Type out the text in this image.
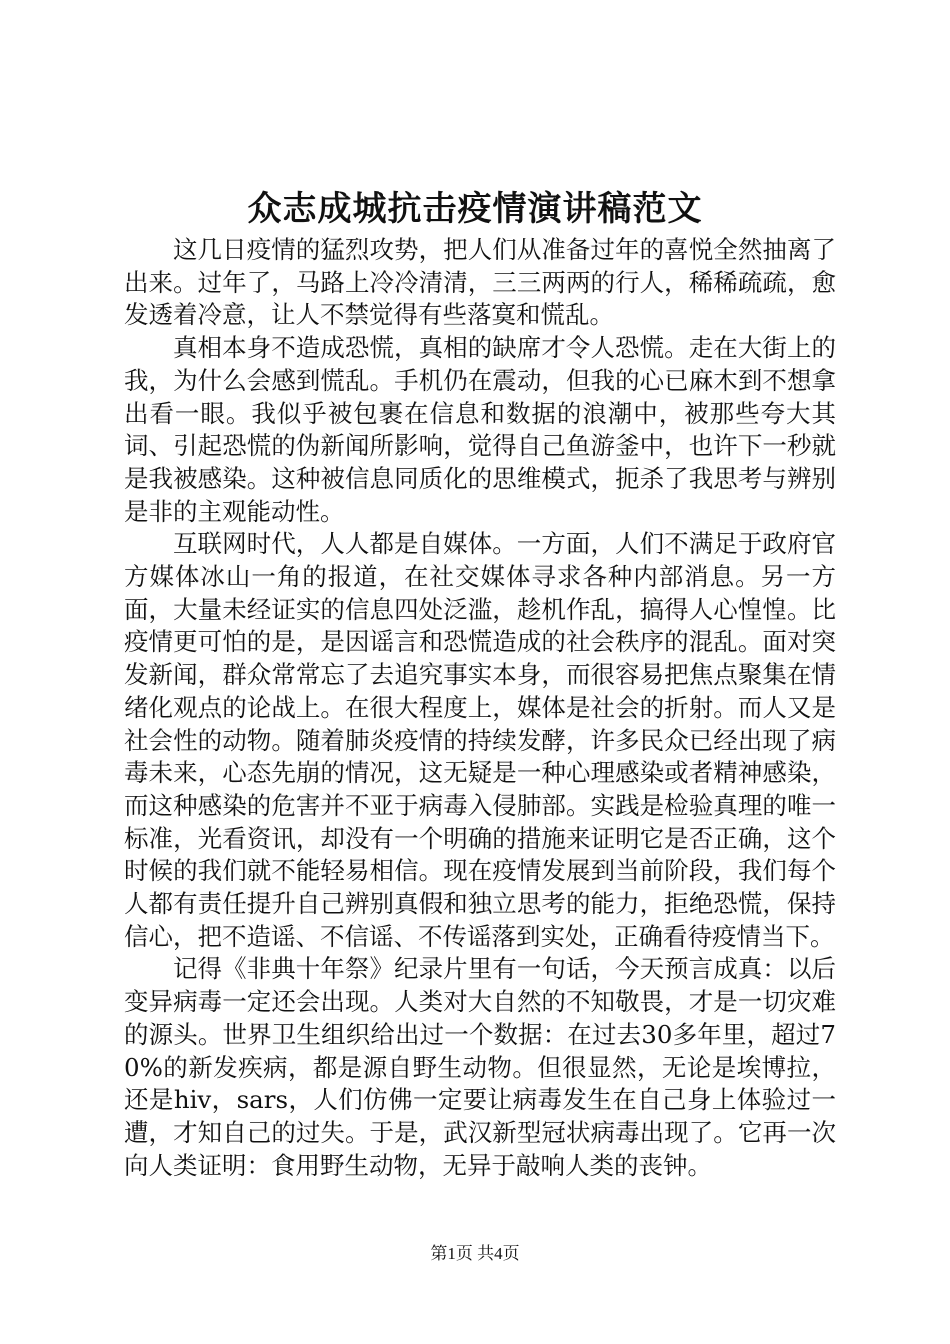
众志成城抗击疫情演讲稿范文

这几日疫情的猛烈攻势，把人们从准备过年的喜悦全然抽离了出来。过年了，马路上冷冷清清，三三两两的行人，稀稀疏疏，愈发透着冷意，让人不禁觉得有些落寞和慌乱。

真相本身不造成恐慌，真相的缺席才令人恐慌。走在大街上的我，为什么会感到慌乱。手机仍在震动，但我的心已麻木到不想拿出看一眼。我似乎被包裹在信息和数据的浪潮中，被那些夸大其词、引起恐慌的伪新闻所影响，觉得自己鱼游釜中，也许下一秒就是我被感染。这种被信息同质化的思维模式，扼杀了我思考与辨别是非的主观能动性。

互联网时代，人人都是自媒体。一方面，人们不满足于政府官方媒体冰山一角的报道，在社交媒体寻求各种内部消息。另一方面，大量未经证实的信息四处泛滥，趁机作乱，搞得人心惶惶。比疫情更可怕的是，是因谣言和恐慌造成的社会秩序的混乱。面对突发新闻，群众常常忘了去追究事实本身，而很容易把焦点聚集在情绪化观点的论战上。在很大程度上，媒体是社会的折射。而人又是社会性的动物。随着肺炎疫情的持续发酵，许多民众已经出现了病毒未来，心态先崩的情况，这无疑是一种心理感染或者精神感染，而这种感染的危害并不亚于病毒入侵肺部。实践是检验真理的唯一标准，光看资讯，却没有一个明确的措施来证明它是否正确，这个时候的我们就不能轻易相信。现在疫情发展到当前阶段，我们每个人都有责任提升自己辨别真假和独立思考的能力，拒绝恐慌，保持信心，把不造谣、不信谣、不传谣落到实处，正确看待疫情当下。

记得《非典十年祭》纪录片里有一句话，今天预言成真：以后变异病毒一定还会出现。人类对大自然的不知敬畏，才是一切灾难的源头。世界卫生组织给出过一个数据：在过去30多年里，超过70%的新发疾病，都是源自野生动物。但很显然，无论是埃博拉，还是hiv，sars，人们仿佛一定要让病毒发生在自己身上体验过一遭，才知自己的过失。于是，武汉新型冠状病毒出现了。它再一次向人类证明：食用野生动物，无异于敲响人类的丧钟。

第1页 共4页
